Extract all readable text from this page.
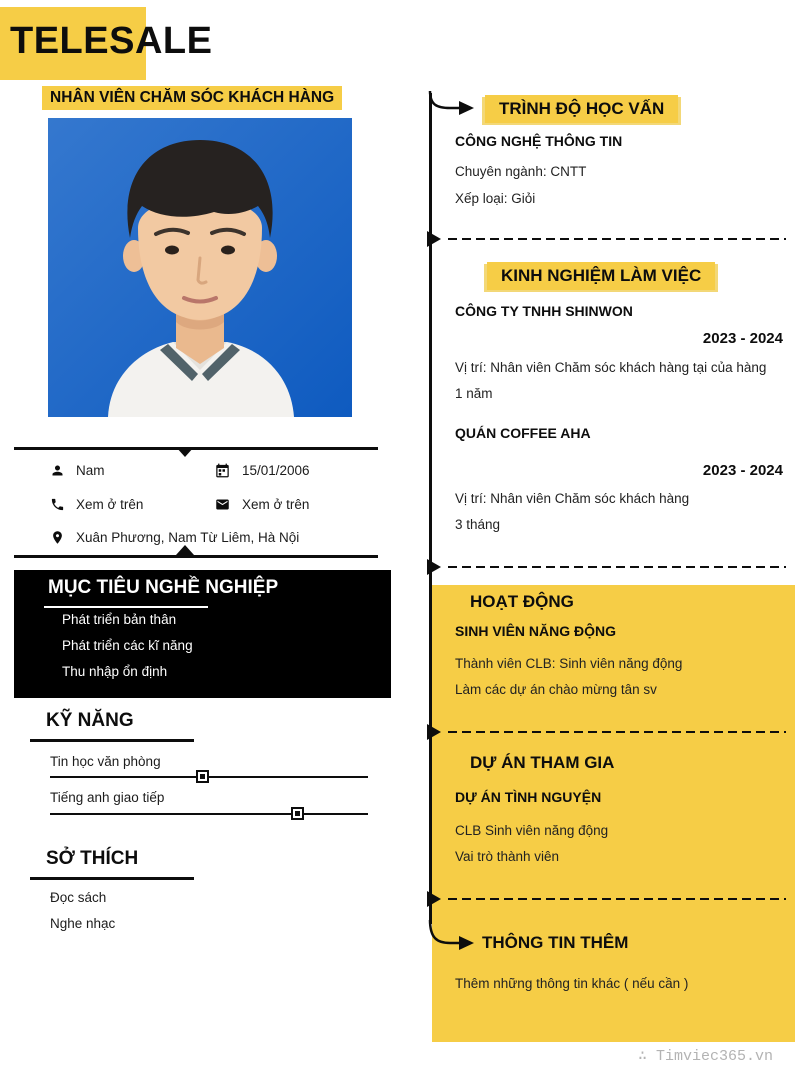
TELESALE
NHÂN VIÊN CHĂM SÓC KHÁCH HÀNG
Nam	15/01/2006
Xem ở trên	Xem ở trên
Xuân Phương, Nam Từ Liêm, Hà Nội
MỤC TIÊU NGHỀ NGHIỆP
Phát triển bản thân
Phát triển các kĩ năng
Thu nhập ổn định
KỸ NĂNG
Tin học văn phòng
Tiếng anh giao tiếp
SỞ THÍCH
Đọc sách
Nghe nhạc
TRÌNH ĐỘ HỌC VẤN
CÔNG NGHỆ THÔNG TIN
Chuyên ngành: CNTT
Xếp loại: Giỏi
KINH NGHIỆM LÀM VIỆC
CÔNG TY TNHH SHINWON
2023 - 2024
Vị trí: Nhân viên Chăm sóc khách hàng tại của hàng
1 năm
QUÁN COFFEE AHA
2023 - 2024
Vị trí: Nhân viên Chăm sóc khách hàng
3 tháng
HOẠT ĐỘNG
SINH VIÊN NĂNG ĐỘNG
Thành viên CLB: Sinh viên năng động
Làm các dự án chào mừng tân sv
DỰ ÁN THAM GIA
DỰ ÁN TÌNH NGUYỆN
CLB Sinh viên năng động
Vai trò thành viên
THÔNG TIN THÊM
Thêm những thông tin khác ( nếu cần )
∴ Timviec365.vn
